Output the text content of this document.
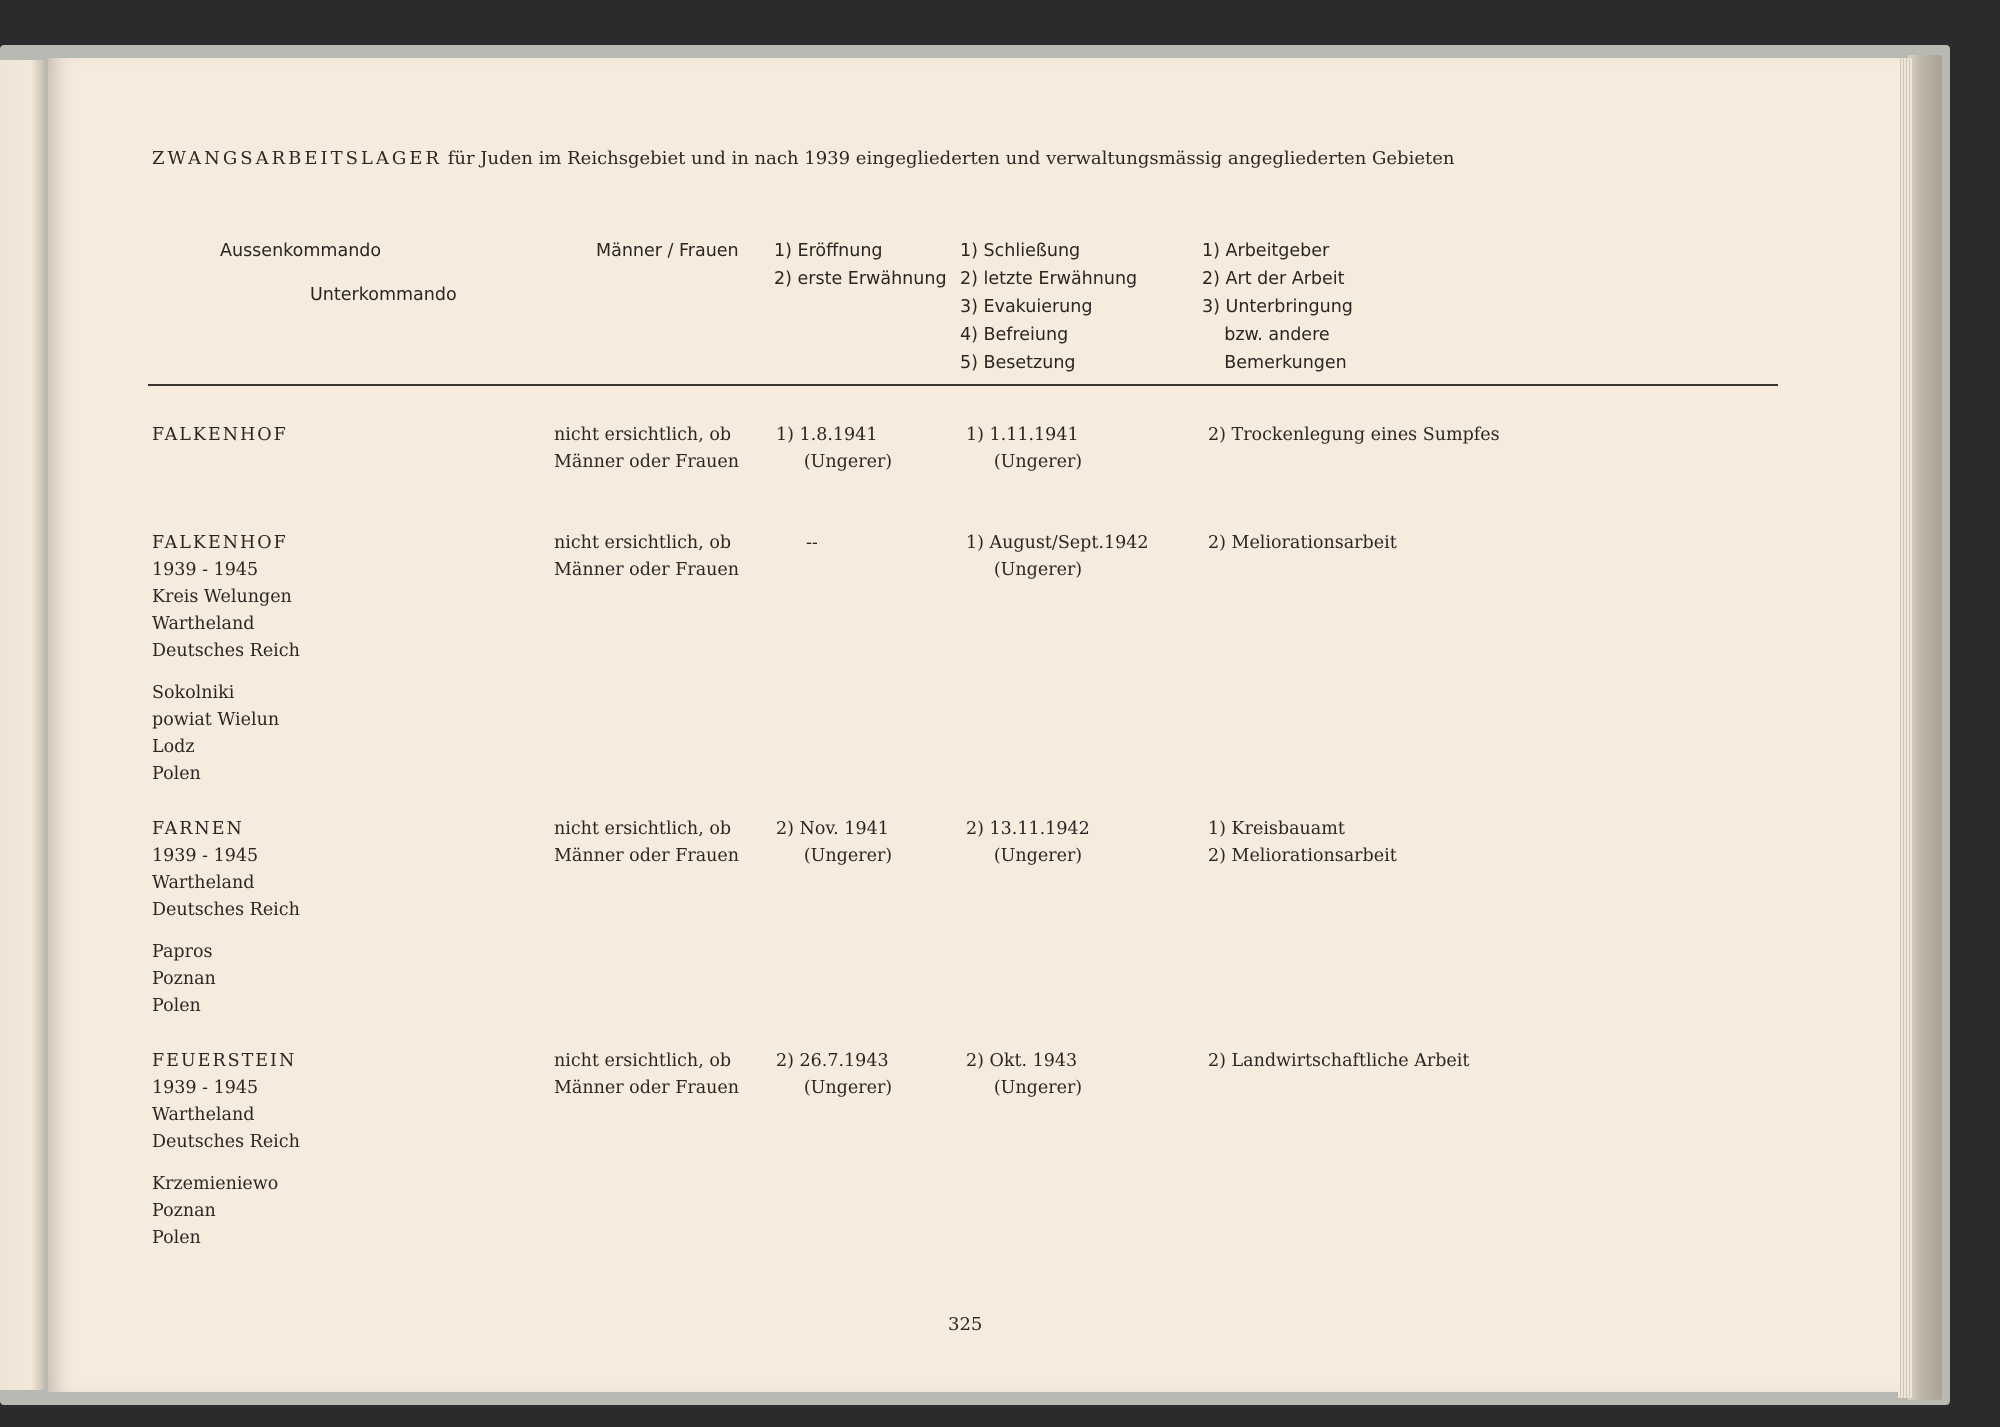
ZWANGSARBEITSLAGER für Juden im Reichsgebiet und in nach 1939 eingegliederten und verwaltungsmässig angegliederten Gebieten
Aussenkommando
Unterkommando
Männer / Frauen 1) Eröffnung
2) erste Erwähnung
1) Schließung
2) letzte Erwähnung
3) Evakuierung
4) Befreiung
5) Besetzung
1) Arbeitgeber
2) Art der Arbeit
3) Unterbringung
bzw. andere
Bemerkungen
FALKENHOF	nicht ersichtlich, ob
Männer oder Frauen
1) 1.8.1941
(Ungerer)
1) 1.11.1941
(Ungerer)
2) Trockenlegung eines Sumpfes
FALKENHOF
1939 - 1945
Kreis Welungen
Wartheland
Deutsches Reich
Sokolniki
powiat Wielun
Lodz
Polen
nicht ersichtlich, ob
Männer oder Frauen
--	1) August/Sept.1942
(Ungerer)
2) Meliorationsarbeit
FARNEN
1939 - 1945
Wartheland
Deutsches Reich
Papros
Poznan
Polen
nicht ersichtlich, ob
Männer oder Frauen
2) Nov. 1941
(Ungerer)
2) 13.11.1942
(Ungerer)
1) Kreisbauamt
2) Meliorationsarbeit
FEUERSTEIN
1939 - 1945
Wartheland
Deutsches Reich
Krzemieniewo
Poznan
Polen
nicht ersichtlich, ob
Männer oder Frauen
2) 26.7.1943
(Ungerer)
2) Okt. 1943
(Ungerer)
2) Landwirtschaftliche Arbeit
325
